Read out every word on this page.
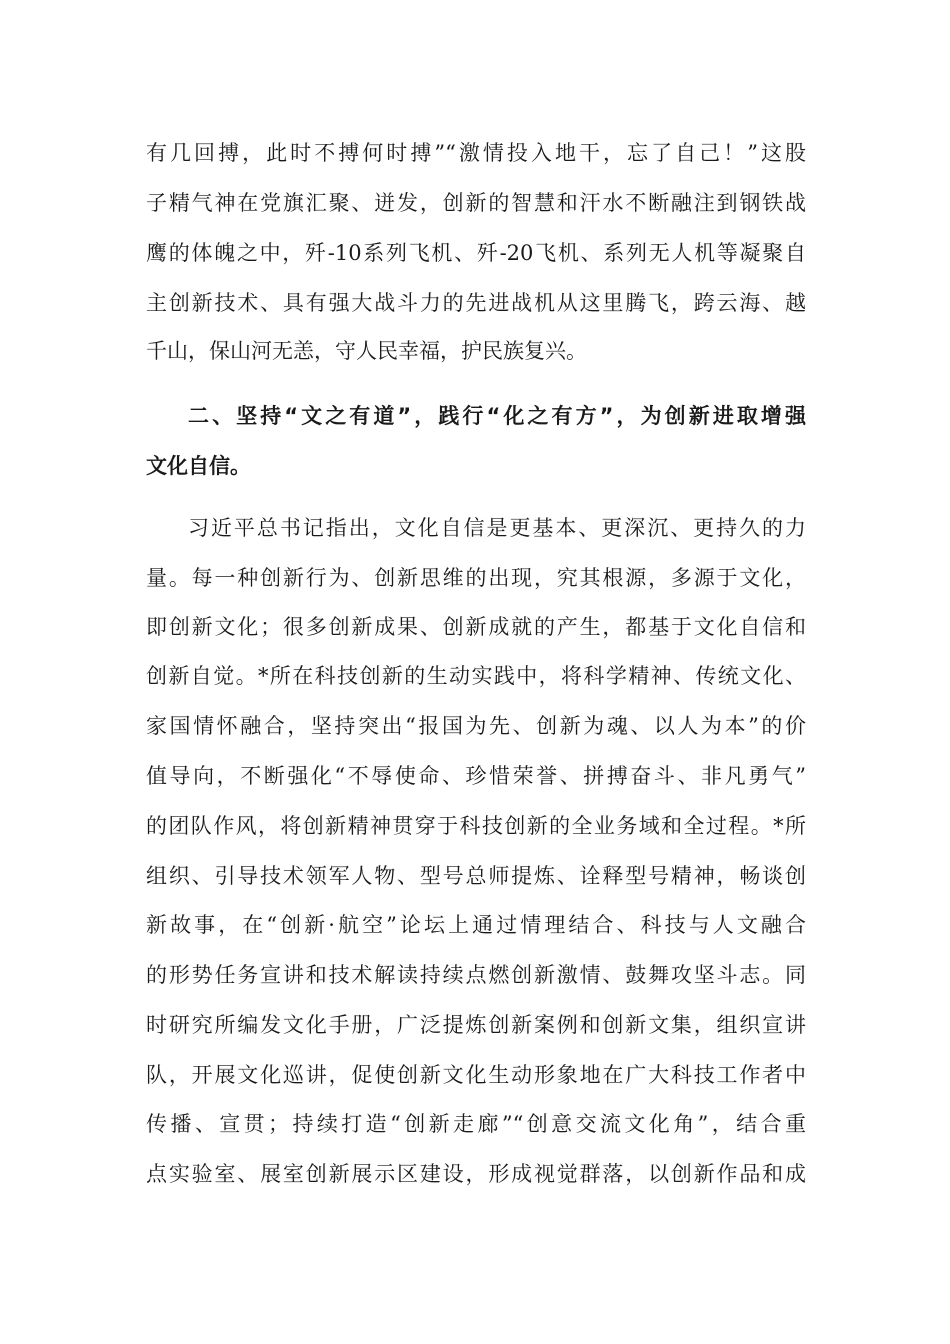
有几回搏，此时不搏何时搏”“激情投入地干，忘了自己！”这股
子精气神在党旗汇聚、迸发，创新的智慧和汗水不断融注到钢铁战
鹰的体魄之中，歼-10系列飞机、歼-20飞机、系列无人机等凝聚自
主创新技术、具有强大战斗力的先进战机从这里腾飞，跨云海、越
千山，保山河无恙，守人民幸福，护民族复兴。
二、坚持“文之有道”，践行“化之有方”，为创新进取增强
文化自信。
习近平总书记指出，文化自信是更基本、更深沉、更持久的力
量。每一种创新行为、创新思维的出现，究其根源，多源于文化，
即创新文化；很多创新成果、创新成就的产生，都基于文化自信和
创新自觉。*所在科技创新的生动实践中，将科学精神、传统文化、
家国情怀融合，坚持突出“报国为先、创新为魂、以人为本”的价
值导向，不断强化“不辱使命、珍惜荣誉、拼搏奋斗、非凡勇气”
的团队作风，将创新精神贯穿于科技创新的全业务域和全过程。*所
组织、引导技术领军人物、型号总师提炼、诠释型号精神，畅谈创
新故事，在“创新·航空”论坛上通过情理结合、科技与人文融合
的形势任务宣讲和技术解读持续点燃创新激情、鼓舞攻坚斗志。同
时研究所编发文化手册，广泛提炼创新案例和创新文集，组织宣讲
队，开展文化巡讲，促使创新文化生动形象地在广大科技工作者中
传播、宣贯；持续打造“创新走廊”“创意交流文化角”，结合重
点实验室、展室创新展示区建设，形成视觉群落，以创新作品和成
